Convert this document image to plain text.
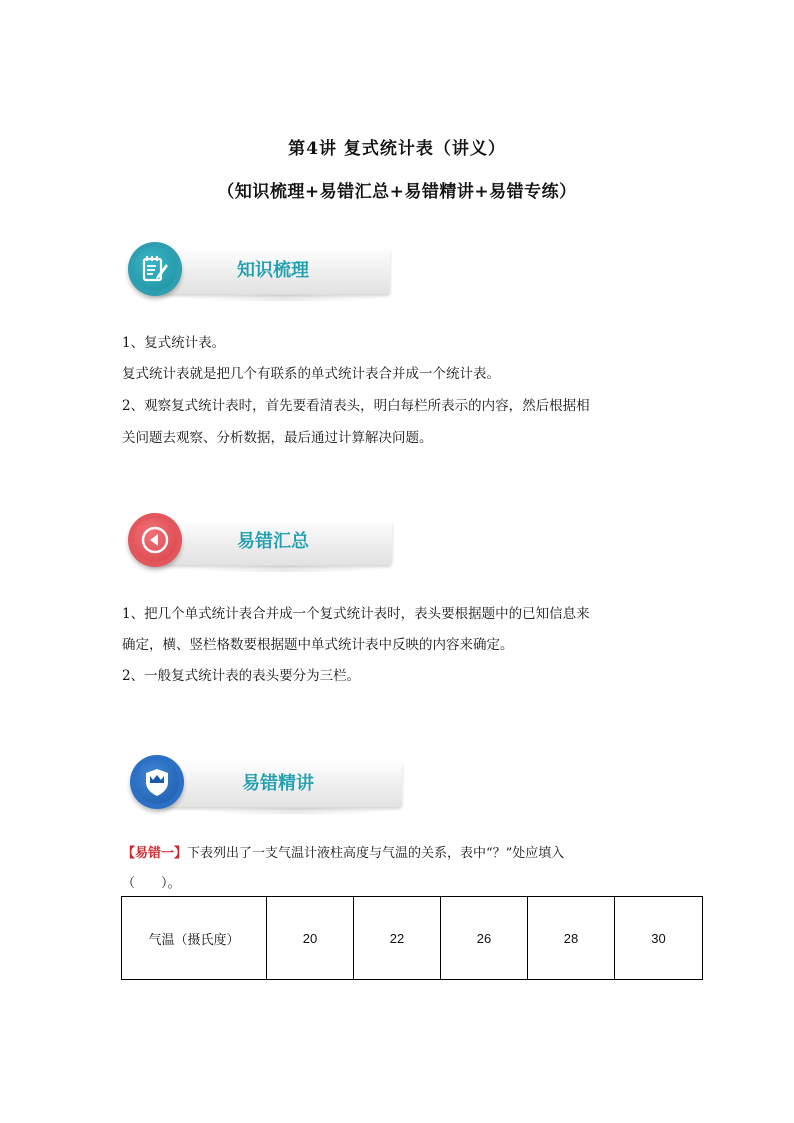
第4讲 复式统计表（讲义）
（知识梳理+易错汇总+易错精讲+易错专练）
知识梳理
1、复式统计表。
复式统计表就是把几个有联系的单式统计表合并成一个统计表。
2、观察复式统计表时，首先要看清表头，明白每栏所表示的内容，然后根据相
关问题去观察、分析数据，最后通过计算解决问题。
易错汇总
1、把几个单式统计表合并成一个复式统计表时，表头要根据题中的已知信息来
确定，横、竖栏格数要根据题中单式统计表中反映的内容来确定。
2、一般复式统计表的表头要分为三栏。
易错精讲
【易错一】下表列出了一支气温计液柱高度与气温的关系，表中“？”处应填入
（　　）。
气温（摄氏度）	20	22	26	28	30
